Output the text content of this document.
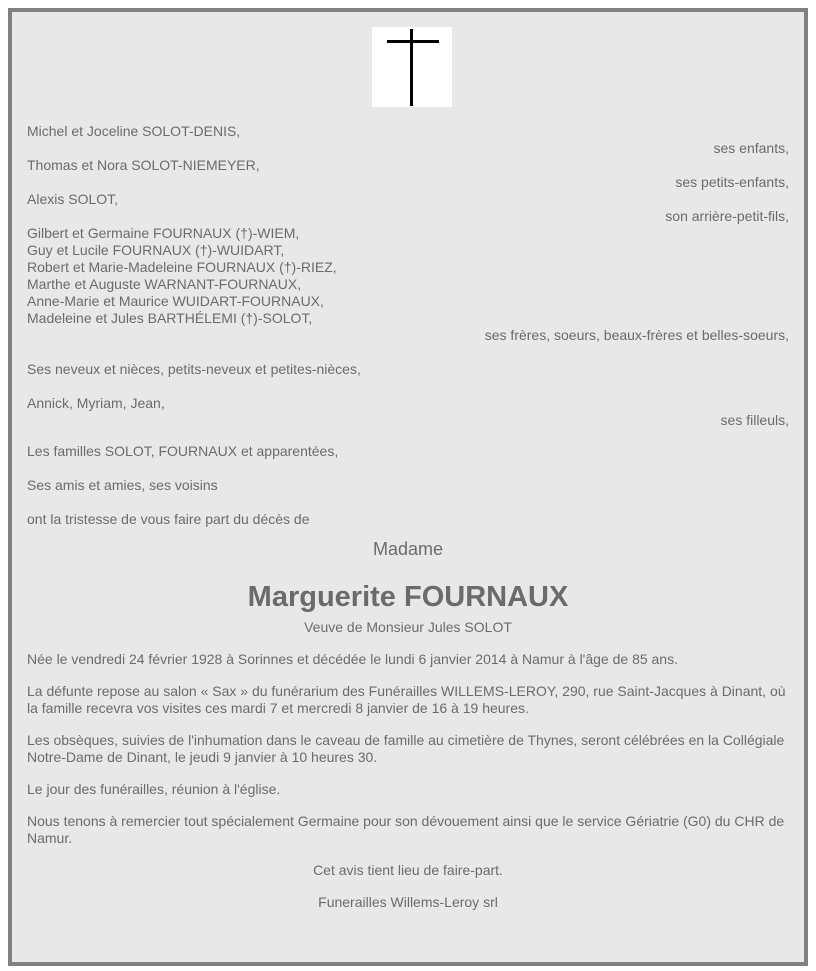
Michel et Joceline SOLOT-DENIS,
ses enfants,
Thomas et Nora SOLOT-NIEMEYER,
ses petits-enfants,
Alexis SOLOT,
son arrière-petit-fils,
Gilbert et Germaine FOURNAUX (†)-WIEM,
Guy et Lucile FOURNAUX (†)-WUIDART,
Robert et Marie-Madeleine FOURNAUX (†)-RIEZ,
Marthe et Auguste WARNANT-FOURNAUX,
Anne-Marie et Maurice WUIDART-FOURNAUX,
Madeleine et Jules BARTHÉLEMI (†)-SOLOT,
ses frères, soeurs, beaux-frères et belles-soeurs,
Ses neveux et nièces, petits-neveux et petites-nièces,
Annick, Myriam, Jean,
ses filleuls,
Les familles SOLOT, FOURNAUX et apparentées,
Ses amis et amies, ses voisins
ont la tristesse de vous faire part du décès de
Madame
Marguerite FOURNAUX
Veuve de Monsieur Jules SOLOT
Née le vendredi 24 février 1928 à Sorinnes et décédée le lundi 6 janvier 2014 à Namur à l'âge de 85 ans.
La défunte repose au salon « Sax » du funérarium des Funérailles WILLEMS-LEROY, 290, rue Saint-Jacques à Dinant, où la famille recevra vos visites ces mardi 7 et mercredi 8 janvier de 16 à 19 heures.
Les obsèques, suivies de l'inhumation dans le caveau de famille au cimetière de Thynes, seront célébrées en la Collégiale Notre-Dame de Dinant, le jeudi 9 janvier à 10 heures 30.
Le jour des funérailles, réunion à l'église.
Nous tenons à remercier tout spécialement Germaine pour son dévouement ainsi que le service Gériatrie (G0) du CHR de Namur.
Cet avis tient lieu de faire-part.
Funerailles Willems-Leroy srl
